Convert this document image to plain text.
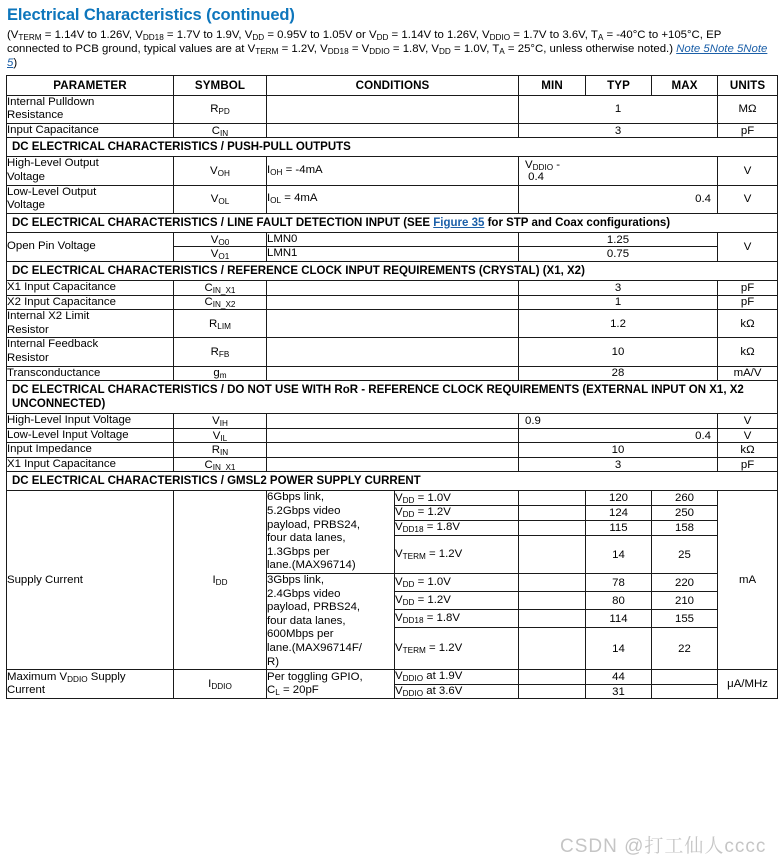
Electrical Characteristics (continued)
($V_{TERM} = 1.14V$ to 1.26V, $V_{DD18} = 1.7V$ to 1.9V, $V_{DD} = 0.95V$ to 1.05V or $V_{DD} = 1.14V$ to 1.26V, $V_{DDIO} = 1.7V$ to 3.6V, $T_A = -40^\circ C$ to +105°C, EP connected to PCB ground, typical values are at $V_{TERM} = 1.2V$, $V_{DD18} = V_{DDIO} = 1.8V$, $V_{DD} = 1.0V$, $T_A = 25^\circ C$, unless otherwise noted.) Note 5Note 5Note 5)
PARAMETER	SYMBOL	CONDITIONS		MIN	TYP	MAX	UNITS
Internal Pulldown
Resistance	$R_{PD}$			1			MΩ
Input Capacitance	$C_{IN}$			3			pF
DC ELECTRICAL CHARACTERISTICS / PUSH-PULL OUTPUTS							
High-Level Output
Voltage	$V_{OH}$	$I_{OH} = -4mA$		$V_{DDIO}$ -
0.4			V
Low-Level Output
Voltage	$V_{OL}$	$I_{OL} = 4mA$		0.4			V
DC ELECTRICAL CHARACTERISTICS / LINE FAULT DETECTION INPUT (SEE Figure 35 for STP and Coax configurations)							
Open Pin Voltage	$V_{O0}$	LMN0		1.25			V
	$V_{O1}$	LMN1		0.75			
DC ELECTRICAL CHARACTERISTICS / REFERENCE CLOCK INPUT REQUIREMENTS (CRYSTAL) (X1, X2)							
X1 Input Capacitance	$C_{IN\_X1}$			3			pF
X2 Input Capacitance	$C_{IN\_X2}$			1			pF
Internal X2 Limit
Resistor	$R_{LIM}$			1.2			kΩ
Internal Feedback
Resistor	$R_{FB}$			10			kΩ
Transconductance	$g_m$			28			mA/V
DC ELECTRICAL CHARACTERISTICS / DO NOT USE WITH RoR - REFERENCE CLOCK REQUIREMENTS (EXTERNAL INPUT ON X1, X2 UNCONNECTED)							
High-Level Input Voltage	$V_{IH}$			0.9			V
Low-Level Input Voltage	$V_{IL}$			0.4			V
Input Impedance	$R_{IN}$			10			kΩ
X1 Input Capacitance	$C_{IN\_X1}$			3			pF
DC ELECTRICAL CHARACTERISTICS / GMSL2 POWER SUPPLY CURRENT							
Supply Current	$I_{DD}$	6Gbps link,
5.2Gbps video
payload, PRBS24,
four data lanes,
1.3Gbps per
lane.(MAX96714)	$V_{DD} = 1.0V$		120	260	mA
			$V_{DD} = 1.2V$		124	250	
			$V_{DD18} = 1.8V$		115	158	
			$V_{TERM} = 1.2V$		14	25	
3Gbps link,
2.4Gbps video
payload, PRBS24,
four data lanes,
600Mbps per
lane.(MAX96714F/
R)	$V_{DD} = 1.0V$		78	220
			$V_{DD} = 1.2V$		80	210	
			$V_{DD18} = 1.8V$		114	155	
			$V_{TERM} = 1.2V$		14	22	
Maximum $V_{DDIO}$ Supply
Current	$I_{DDIO}$	Per toggling GPIO,
$C_L = 20pF$	$V_{DDIO}$ at 1.9V		44		μA/MHz
			$V_{DDIO}$ at 3.6V		31		
CSDN @打工仙人cccc
